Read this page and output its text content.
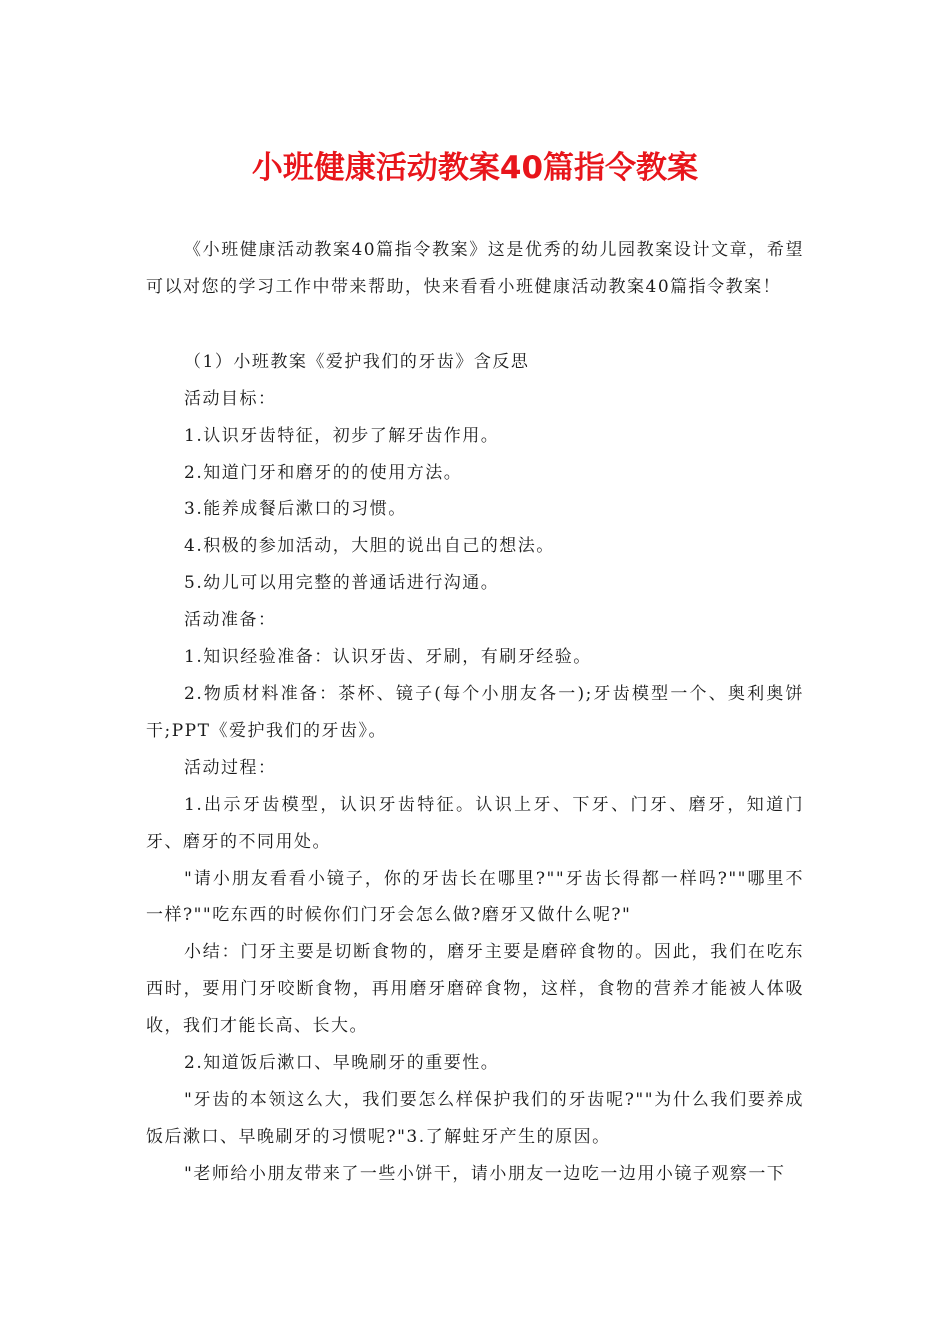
小班健康活动教案40篇指令教案

《小班健康活动教案40篇指令教案》这是优秀的幼儿园教案设计文章，希望可以对您的学习工作中带来帮助，快来看看小班健康活动教案40篇指令教案！

（1）小班教案《爱护我们的牙齿》含反思

活动目标：

1.认识牙齿特征，初步了解牙齿作用。

2.知道门牙和磨牙的的使用方法。

3.能养成餐后漱口的习惯。

4.积极的参加活动，大胆的说出自己的想法。

5.幼儿可以用完整的普通话进行沟通。

活动准备：

1.知识经验准备：认识牙齿、牙刷，有刷牙经验。

2.物质材料准备：茶杯、镜子(每个小朋友各一);牙齿模型一个、奥利奥饼干;PPT《爱护我们的牙齿》。

活动过程：

1.出示牙齿模型，认识牙齿特征。认识上牙、下牙、门牙、磨牙，知道门牙、磨牙的不同用处。

"请小朋友看看小镜子，你的牙齿长在哪里?""牙齿长得都一样吗?""哪里不一样?""吃东西的时候你们门牙会怎么做?磨牙又做什么呢?"

小结：门牙主要是切断食物的，磨牙主要是磨碎食物的。因此，我们在吃东西时，要用门牙咬断食物，再用磨牙磨碎食物，这样，食物的营养才能被人体吸收，我们才能长高、长大。

2.知道饭后漱口、早晚刷牙的重要性。

"牙齿的本领这么大，我们要怎么样保护我们的牙齿呢?""为什么我们要养成饭后漱口、早晚刷牙的习惯呢?"3.了解蛀牙产生的原因。

"老师给小朋友带来了一些小饼干，请小朋友一边吃一边用小镜子观察一下
